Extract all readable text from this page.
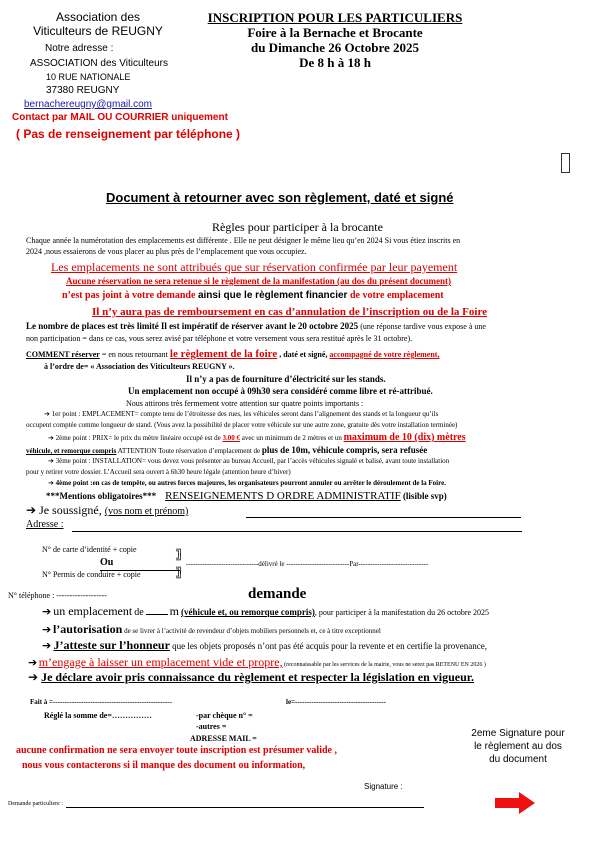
Association des
Viticulteurs de REUGNY
Notre adresse :
ASSOCIATION des Viticulteurs
10 RUE NATIONALE
37380 REUGNY
bernachereugny@gmail.com
Contact par MAIL OU COURRIER uniquement
( Pas de renseignement par téléphone )
INSCRIPTION POUR LES PARTICULIERS
Foire à la Bernache et Brocante
du Dimanche 26 Octobre 2025
De 8 h à 18 h
Document à retourner avec son règlement, daté et signé
Règles pour participer à la brocante
Chaque année la numérotation des emplacements est différente . Elle ne peut désigner le même lieu qu’en 2024 Si vous étiez inscrits en
2024 ,nous essaierons de vous placer au plus près de l’emplacement que vous occupiez.
Les emplacements ne sont attribués que sur réservation confirmée par leur payement
Aucune réservation ne sera retenue si le règlement de la manifestation (au dos du présent document)
n’est pas joint à votre demande ainsi que le règlement financier de votre emplacement
Il n’y aura pas de remboursement en cas d’annulation de l’inscription ou de la Foire
Le nombre de places est très limité Il est impératif de réserver avant le 20 octobre 2025 (une réponse tardive vous expose à une
non participation = dans ce cas, vous serez avisé par téléphone et votre versement vous sera restitué après le 31 octobre).
COMMENT réserver = en nous retournant le règlement de la foire , daté et signé, accompagné de votre règlement,
à l’ordre de= « Association des Viticulteurs REUGNY ».
Il n’y a pas de fourniture d’électricité sur les stands.
Un emplacement non occupé à 09h30 sera considéré comme libre et ré-attribué.
Nous attirons très fermement votre attention sur quatre points importants :
➔ 1er point : EMPLACEMENT= compte tenu de l’étroitesse des rues, les véhicules seront dans l’alignement des stands et la longueur qu’ils
occupent comptée comme longueur de stand. (Vous avez la possibilité de placer votre véhicule sur une autre zone, gratuite dès votre installation terminée)
➔ 2ème point : PRIX= le prix du mètre linéaire occupé est de 3.00 € avec un minimum de 2 mètres et un maximum de 10 (dix) mètres
véhicule, et remorque compris ATTENTION Toute réservation d’emplacement de plus de 10m, véhicule compris, sera refusée
➔ 3ème point : INSTALLATION= vous devez vous présenter au bureau Accueil, par l’accès véhicules signalé et balisé, avant toute installation
pour y retirer votre dossier. L’Accueil sera ouvert à 6h30 heure légale (attention heure d’hiver)
➔ 4ème point :en cas de tempête, ou autres forces majeures, les organisateurs pourront annuler ou arrêter le déroulement de la Foire.
***Mentions obligatoires*** RENSEIGNEMENTS D ORDRE ADMINISTRATIF (lisible svp)
➔ Je soussigné, (vos nom et prénom)
Adresse :
N° de carte d’identité + copie
Ou
N° Permis de conduire + copie
╗
╝
╗
╝
-------------------------------délivré le ---------------------------Par------------------------------
N° téléphone : -------------------	demande
➔ un emplacement de m (véhicule et, ou remorque compris), pour participer à la manifestation du 26 octobre 2025
➔ l’autorisation de se livrer à l’activité de revendeur d’objets mobiliers personnels et, ce à titre exceptionnel
➔ J’atteste sur l’honneur que les objets proposés n’ont pas été acquis pour la revente et en certifie la provenance,
➔ m’engage à laisser un emplacement vide et propre, (reconnaissable par les services de la mairie, vous ne serez pas RETENU EN 2026 )
➔ Je déclare avoir pris connaissance du règlement et respecter la législation en vigueur.
Fait à =---------------------------------------------------	le=---------------------------------------
Réglé la somme de=……………	-par chèque n° =
-autres =
ADRESSE MAIL =
aucune confirmation ne sera envoyer toute inscription est présumer valide ,
nous vous contacterons si il manque des document ou information,
2eme Signature pour
le règlement au dos
du document
Signature :
Demande particuliere :
